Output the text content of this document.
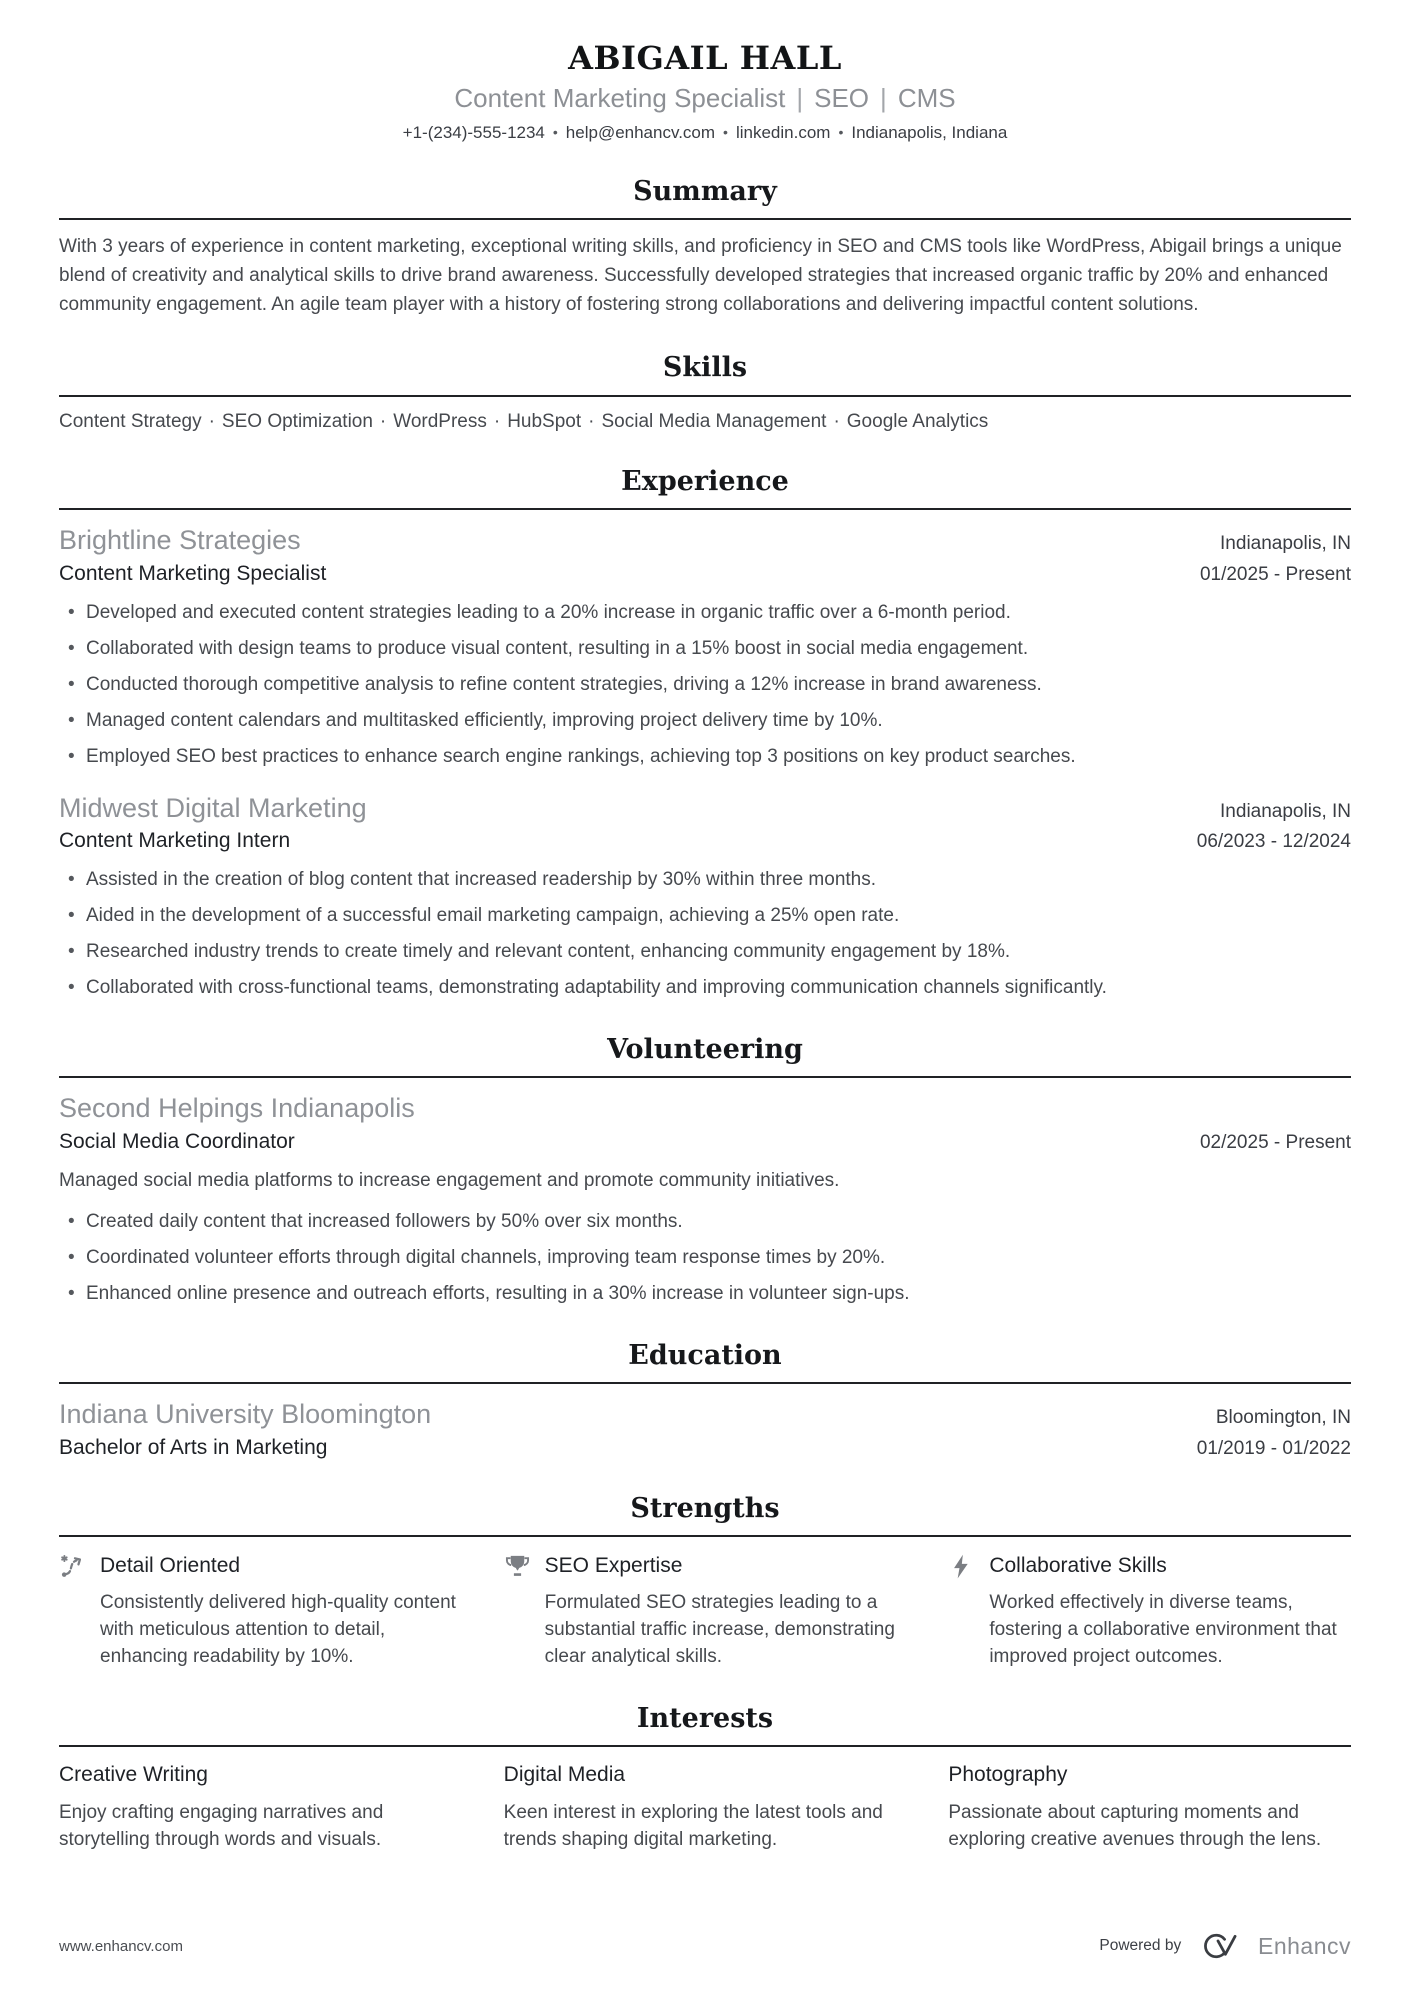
ABIGAIL HALL
Content Marketing Specialist | SEO | CMS
+1-(234)-555-1234 • help@enhancv.com • linkedin.com • Indianapolis, Indiana
Summary
With 3 years of experience in content marketing, exceptional writing skills, and proficiency in SEO and CMS tools like WordPress, Abigail brings a unique blend of creativity and analytical skills to drive brand awareness. Successfully developed strategies that increased organic traffic by 20% and enhanced community engagement. An agile team player with a history of fostering strong collaborations and delivering impactful content solutions.
Skills
Content Strategy · SEO Optimization · WordPress · HubSpot · Social Media Management · Google Analytics
Experience
Brightline Strategies	Indianapolis, IN
Content Marketing Specialist	01/2025 - Present
• Developed and executed content strategies leading to a 20% increase in organic traffic over a 6-month period.
• Collaborated with design teams to produce visual content, resulting in a 15% boost in social media engagement.
• Conducted thorough competitive analysis to refine content strategies, driving a 12% increase in brand awareness.
• Managed content calendars and multitasked efficiently, improving project delivery time by 10%.
• Employed SEO best practices to enhance search engine rankings, achieving top 3 positions on key product searches.
Midwest Digital Marketing	Indianapolis, IN
Content Marketing Intern	06/2023 - 12/2024
• Assisted in the creation of blog content that increased readership by 30% within three months.
• Aided in the development of a successful email marketing campaign, achieving a 25% open rate.
• Researched industry trends to create timely and relevant content, enhancing community engagement by 18%.
• Collaborated with cross-functional teams, demonstrating adaptability and improving communication channels significantly.
Volunteering
Second Helpings Indianapolis
Social Media Coordinator	02/2025 - Present
Managed social media platforms to increase engagement and promote community initiatives.
• Created daily content that increased followers by 50% over six months.
• Coordinated volunteer efforts through digital channels, improving team response times by 20%.
• Enhanced online presence and outreach efforts, resulting in a 30% increase in volunteer sign-ups.
Education
Indiana University Bloomington	Bloomington, IN
Bachelor of Arts in Marketing	01/2019 - 01/2022
Strengths
Detail Oriented
Consistently delivered high-quality content with meticulous attention to detail, enhancing readability by 10%.
SEO Expertise
Formulated SEO strategies leading to a substantial traffic increase, demonstrating clear analytical skills.
Collaborative Skills
Worked effectively in diverse teams, fostering a collaborative environment that improved project outcomes.
Interests
Creative Writing
Enjoy crafting engaging narratives and storytelling through words and visuals.
Digital Media
Keen interest in exploring the latest tools and trends shaping digital marketing.
Photography
Passionate about capturing moments and exploring creative avenues through the lens.
www.enhancv.com	Powered by	Enhancv
